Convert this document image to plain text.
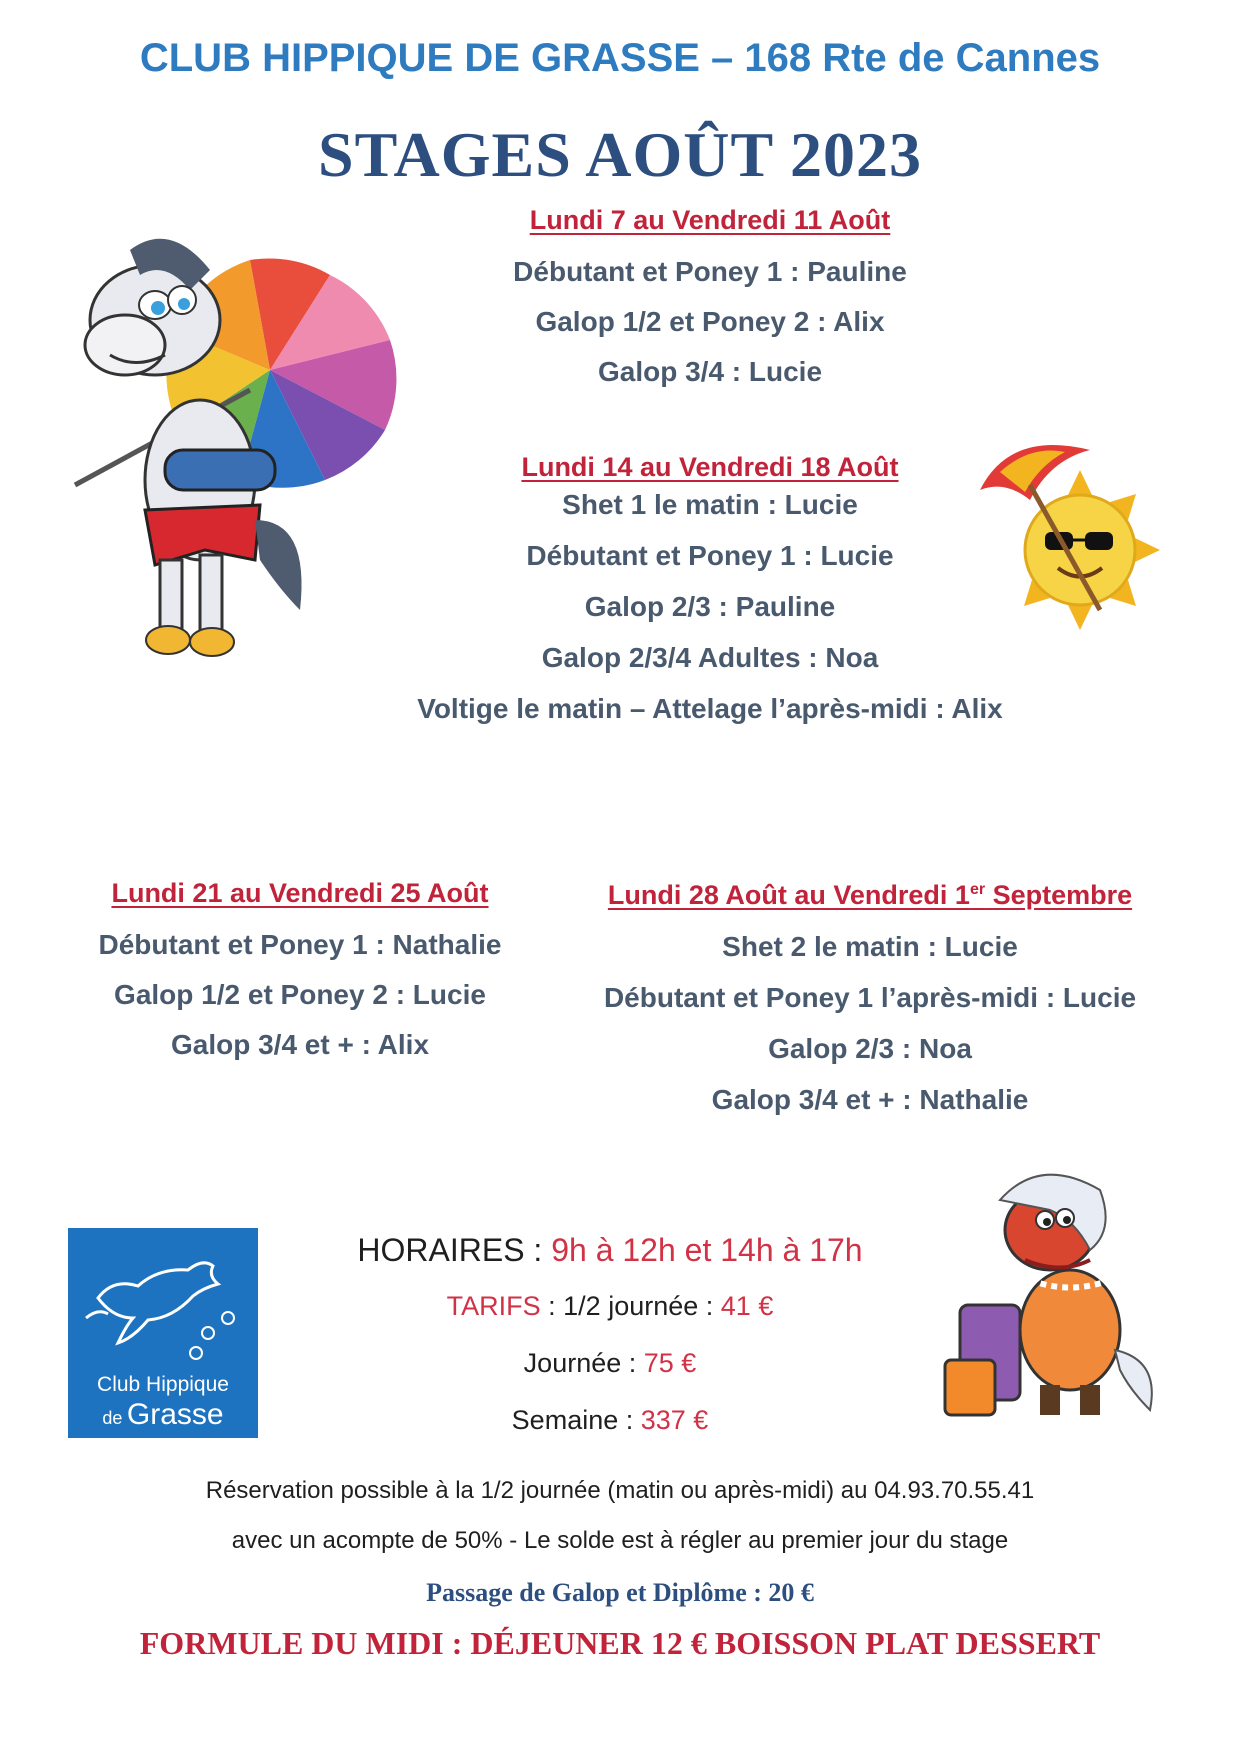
CLUB HIPPIQUE DE GRASSE – 168 Rte de Cannes
STAGES AOÛT 2023
Lundi 7 au Vendredi 11 Août
Débutant et Poney 1 : Pauline
Galop 1/2 et Poney 2 : Alix
Galop 3/4 : Lucie
Lundi 14 au Vendredi 18 Août
Shet 1 le matin : Lucie
Débutant et Poney 1 : Lucie
Galop 2/3 : Pauline
Galop 2/3/4 Adultes : Noa
Voltige le matin – Attelage l’après-midi : Alix
Lundi 21 au Vendredi 25 Août
Débutant et Poney 1 : Nathalie
Galop 1/2 et Poney 2 : Lucie
Galop 3/4 et + : Alix
Lundi 28 Août au Vendredi 1er Septembre
Shet 2 le matin : Lucie
Débutant et Poney 1 l’après-midi : Lucie
Galop 2/3 : Noa
Galop 3/4 et + : Nathalie
Club Hippique
de Grasse
HORAIRES : 9h à 12h et 14h à 17h
TARIFS : 1/2 journée : 41 €
Journée : 75 €
Semaine : 337 €
Réservation possible à la 1/2 journée (matin ou après-midi) au 04.93.70.55.41
avec un acompte de 50% - Le solde est à régler au premier jour du stage
Passage de Galop et Diplôme : 20 €
FORMULE DU MIDI : DÉJEUNER 12 € BOISSON PLAT DESSERT
